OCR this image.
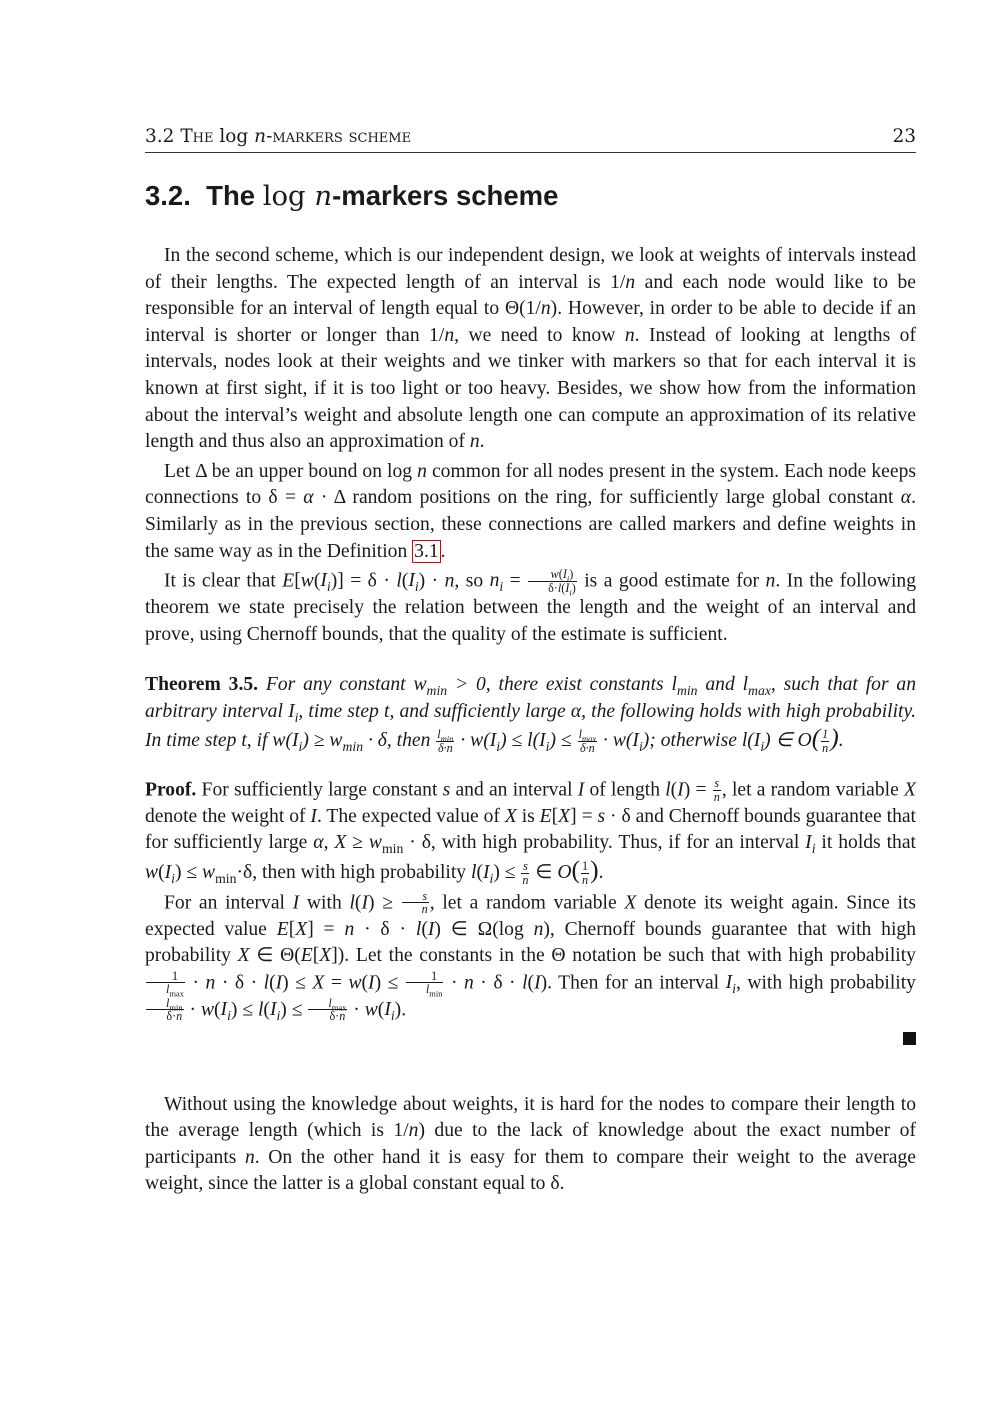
3.2 The log n-markers scheme	23
3.2.  The log n-markers scheme

In the second scheme, which is our independent design, we look at weights of intervals instead of their lengths. The expected length of an interval is 1/n and each node would like to be responsible for an interval of length equal to Θ(1/n). However, in order to be able to decide if an interval is shorter or longer than 1/n, we need to know n. Instead of looking at lengths of intervals, nodes look at their weights and we tinker with markers so that for each interval it is known at first sight, if it is too light or too heavy. Besides, we show how from the information about the interval’s weight and absolute length one can compute an approximation of its relative length and thus also an approximation of n.

Let Δ be an upper bound on log n common for all nodes present in the system. Each node keeps connections to δ = α · Δ random positions on the ring, for sufficiently large global constant α. Similarly as in the previous section, these connections are called markers and define weights in the same way as in the Definition 3.1 .

It is clear that $E[w(I_i)] = \delta \cdot l(I_i) \cdot n$, so $n_i = \frac{w(I_i)}{\delta\cdot l(I_i)}$ is a good estimate for n. In the following theorem we state precisely the relation between the length and the weight of an interval and prove, using Chernoff bounds, that the quality of the estimate is sufficient.

Theorem 3.5. For any constant $w_{min} > 0$, there exist constants $l_{min}$ and $l_{max}$, such that for an arbitrary interval $I_i$, time step t, and sufficiently large α, the following holds with high probability. In time step t, if $w(I_i) \ge w_{min} \cdot \delta$, then $\frac{l_{min}}{\delta\cdot n} \cdot w(I_i) \le l(I_i) \le \frac{l_{max}}{\delta\cdot n} \cdot w(I_i)$; otherwise $l(I_i)$ ∈ $O( \frac{1}{n}$ ).

Proof. For sufficiently large constant s and an interval I of length $l(I) = \frac{s}{n}$ , let a random variable X denote the weight of I. The expected value of X is E[X] = s · δ and Chernoff bounds guarantee that for sufficiently large α, $X \ge w_{min} \cdot \delta$, with high probability. Thus, if for an interval $I_i$ it holds that $w(I_i) \le w_{min}\cdot\delta$, then with high probability $l(I_i) \le \frac{s}{n}$ ∈ $O( \frac{1}{n}$ ).

For an interval I with $l(I) \ge \frac{s}{n}$ , let a random variable X denote its weight again. Since its expected value E[X] = n · δ · l(I) ∈ Ω(log n), Chernoff bounds guarantee that with high probability X ∈ Θ(E[X]). Let the constants in the Θ notation be such that with high probability
$\frac{1}{l_{max}} \cdot n \cdot \delta \cdot l(I) \le X = w(I) \le \frac{1}{l_{min}} \cdot n \cdot \delta \cdot l(I)$. Then for an interval $I_i$, with high probability
$\frac{l_{min}}{\delta\cdot n} \cdot w(I_i) \le l(I_i) \le \frac{l_{max}}{\delta\cdot n} \cdot w(I_i)$.

Without using the knowledge about weights, it is hard for the nodes to compare their length to the average length (which is 1/n) due to the lack of knowledge about the exact number of participants n. On the other hand it is easy for them to compare their weight to the average weight, since the latter is a global constant equal to δ.
